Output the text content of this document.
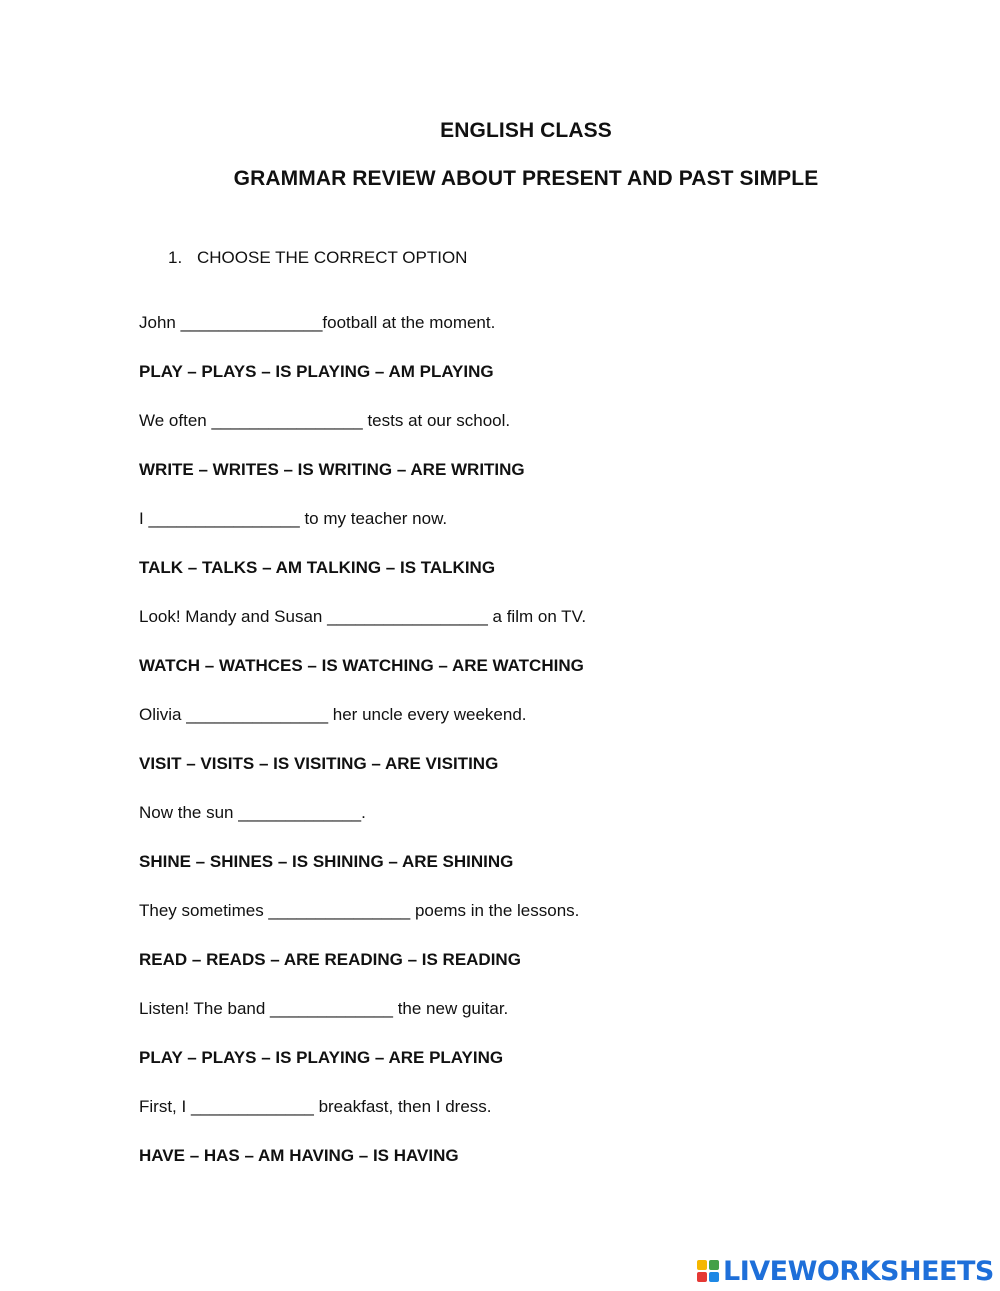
ENGLISH CLASS
GRAMMAR REVIEW ABOUT PRESENT AND PAST SIMPLE
1. CHOOSE THE CORRECT OPTION
John _______________football at the moment.
PLAY – PLAYS – IS PLAYING – AM PLAYING
We often ________________ tests at our school.
WRITE – WRITES – IS WRITING – ARE WRITING
I ________________ to my teacher now.
TALK – TALKS – AM TALKING – IS TALKING
Look! Mandy and Susan _________________ a film on TV.
WATCH – WATHCES – IS WATCHING – ARE WATCHING
Olivia _______________ her uncle every weekend.
VISIT – VISITS – IS VISITING – ARE VISITING
Now the sun _____________.
SHINE – SHINES – IS SHINING – ARE SHINING
They sometimes _______________ poems in the lessons.
READ – READS – ARE READING – IS READING
Listen! The band _____________ the new guitar.
PLAY – PLAYS – IS PLAYING – ARE PLAYING
First, I _____________ breakfast, then I dress.
HAVE – HAS – AM HAVING – IS HAVING
LIVEWORKSHEETS
